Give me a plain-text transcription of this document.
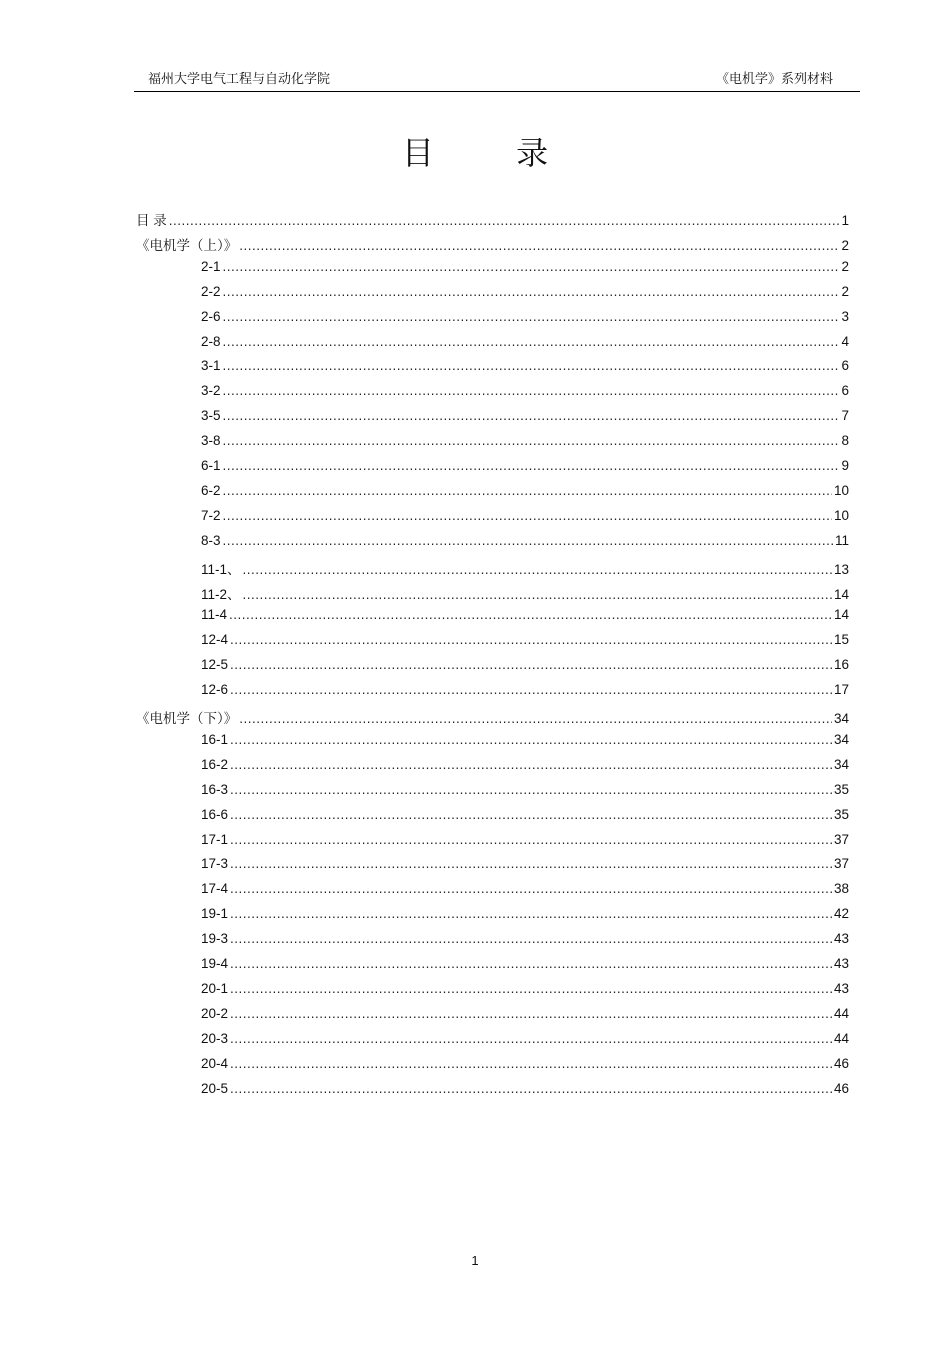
福州大学电气工程与自动化学院	《电机学》系列材料
目 录
目 录 .....	1
《电机学（上）》 .....	2
2-1 .....	2
2-2 .....	2
2-6 .....	3
2-8 .....	4
3-1 .....	6
3-2 .....	6
3-5 .....	7
3-8 .....	8
6-1 .....	9
6-2 .....	10
7-2 .....	10
8-3 .....	11
11-1、 .....	13
11-2、 .....	14
11-4 .....	14
12-4 .....	15
12-5 .....	16
12-6 .....	17
《电机学（下）》 .....	34
16-1 .....	34
16-2 .....	34
16-3 .....	35
16-6 .....	35
17-1 .....	37
17-3 .....	37
17-4 .....	38
19-1 .....	42
19-3 .....	43
19-4 .....	43
20-1 .....	43
20-2 .....	44
20-3 .....	44
20-4 .....	46
20-5 .....	46
1
